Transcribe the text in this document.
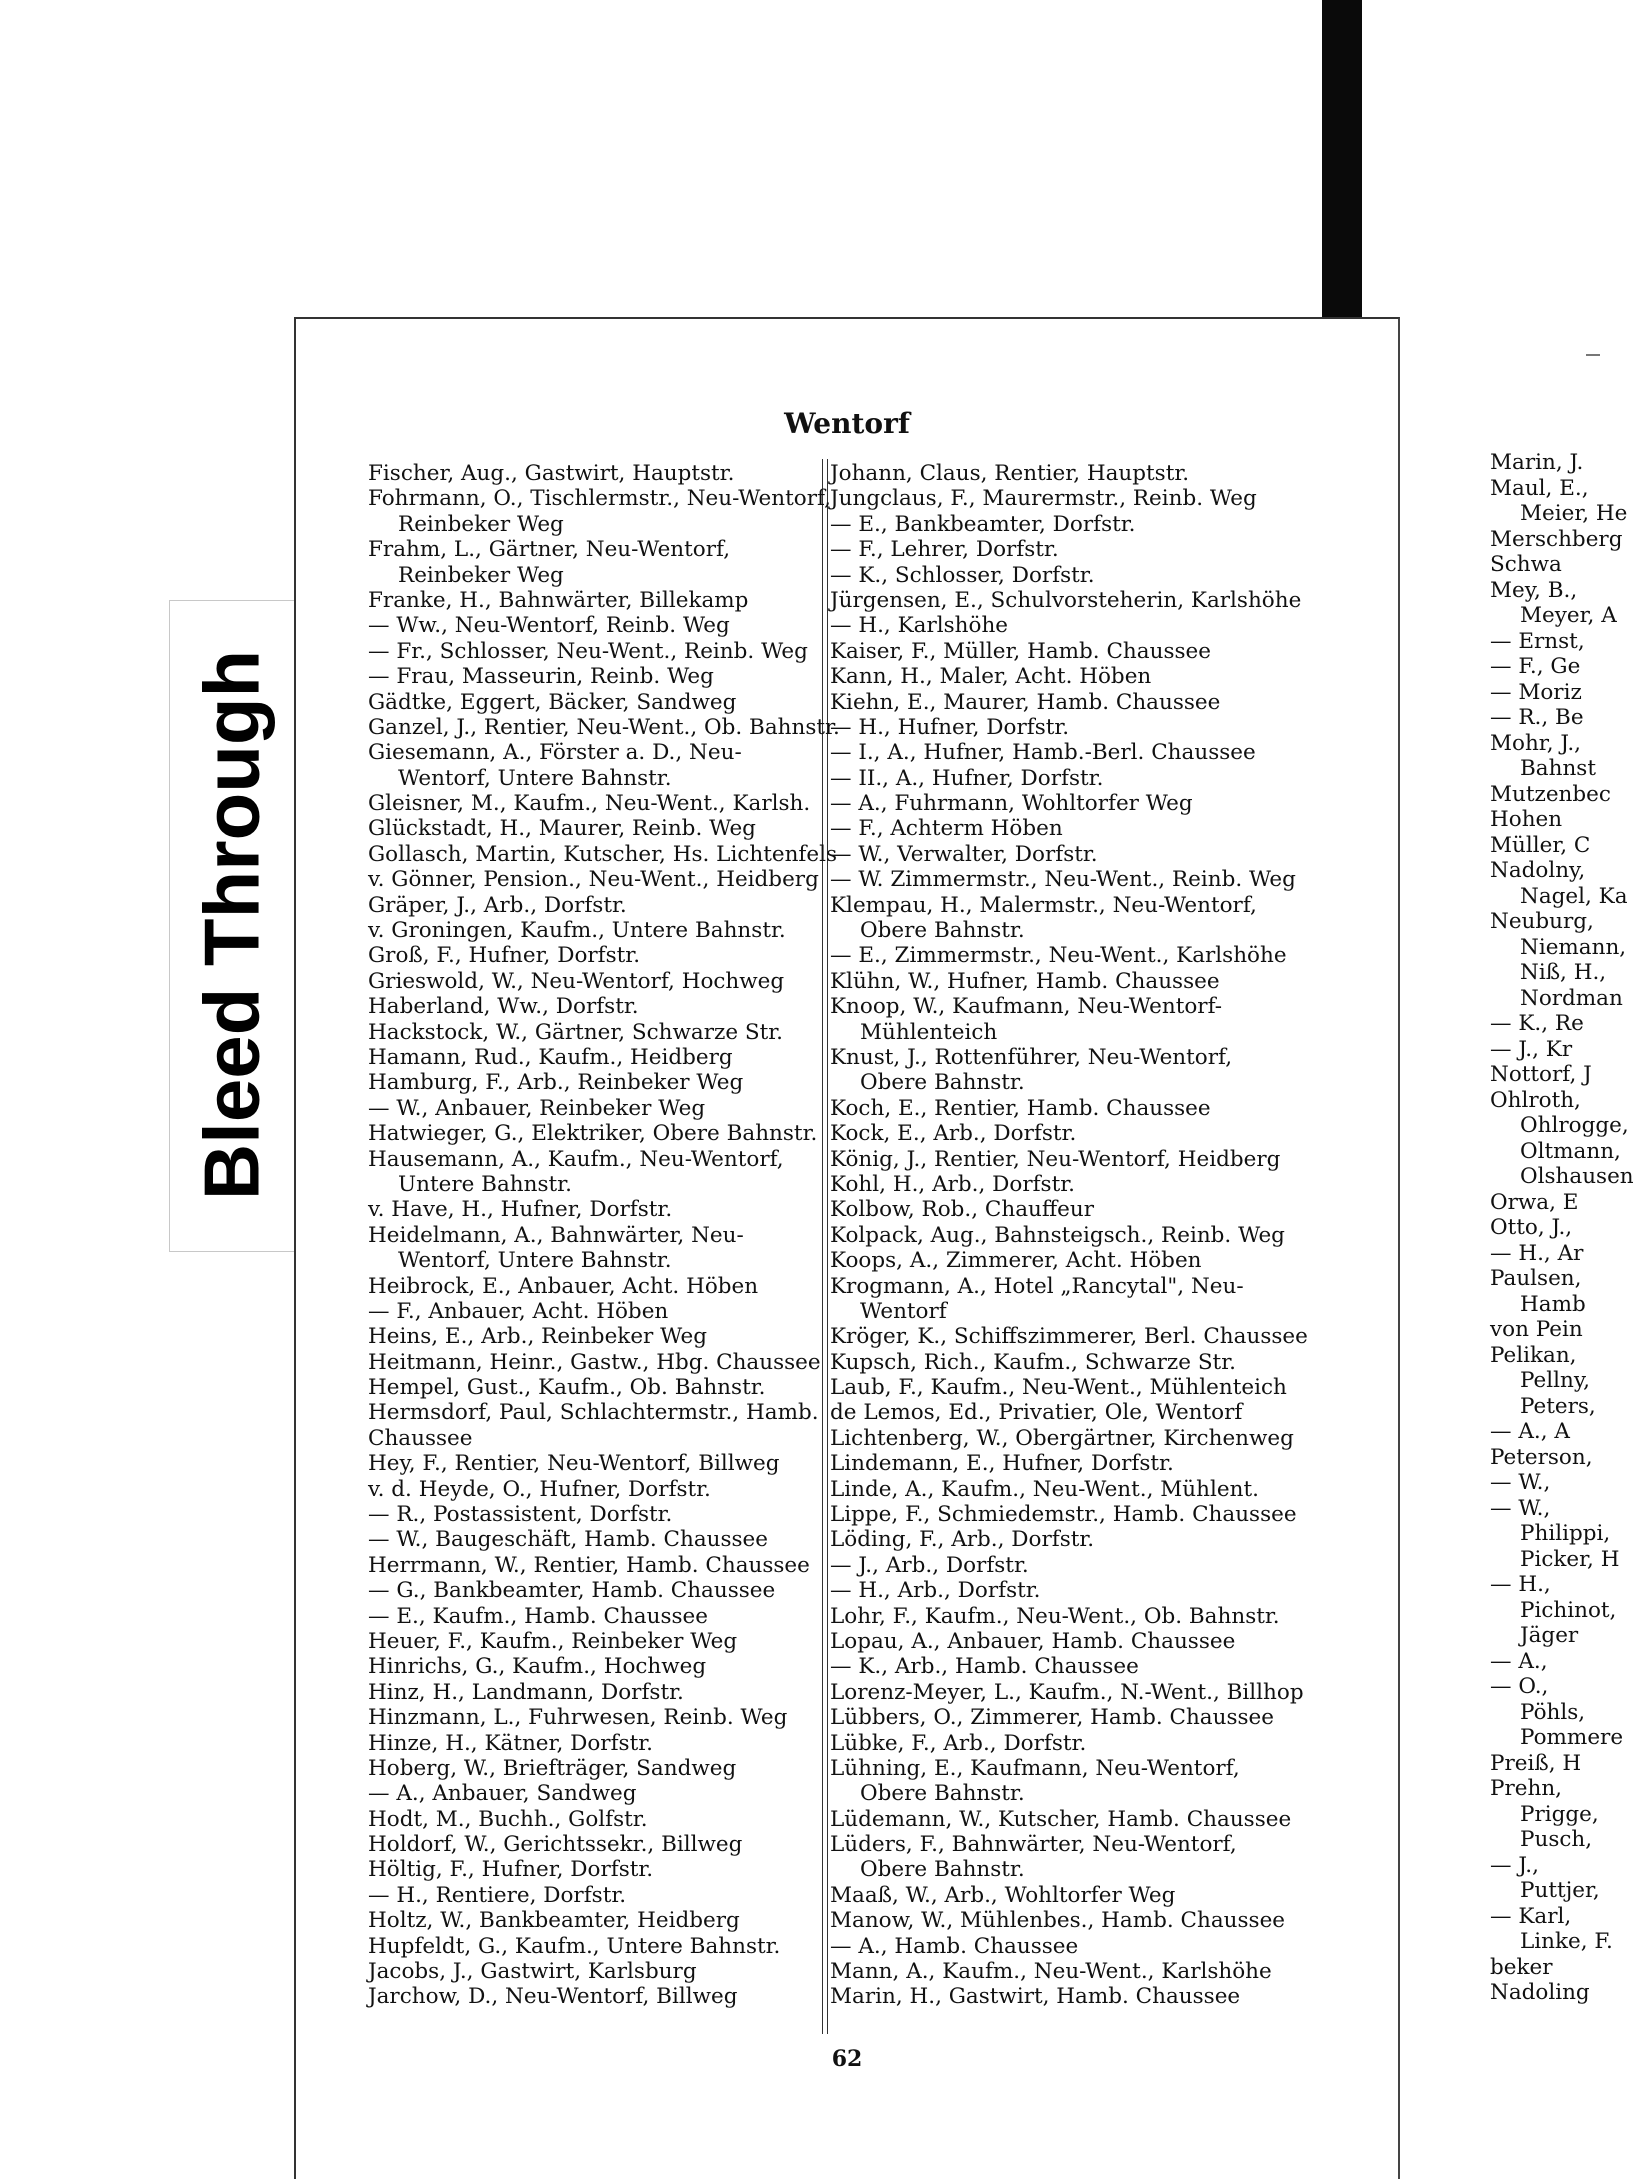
Bleed Through
Wentorf
Fischer, Aug., Gastwirt, Hauptstr.
Fohrmann, O., Tischlermstr., Neu-Wentorf,
Reinbeker Weg
Frahm, L., Gärtner, Neu-Wentorf,
Reinbeker Weg
Franke, H., Bahnwärter, Billekamp
— Ww., Neu-Wentorf, Reinb. Weg
— Fr., Schlosser, Neu-Went., Reinb. Weg
— Frau, Masseurin, Reinb. Weg
Gädtke, Eggert, Bäcker, Sandweg
Ganzel, J., Rentier, Neu-Went., Ob. Bahnstr.
Giesemann, A., Förster a. D., Neu-
Wentorf, Untere Bahnstr.
Gleisner, M., Kaufm., Neu-Went., Karlsh.
Glückstadt, H., Maurer, Reinb. Weg
Gollasch, Martin, Kutscher, Hs. Lichtenfels
v. Gönner, Pension., Neu-Went., Heidberg
Gräper, J., Arb., Dorfstr.
v. Groningen, Kaufm., Untere Bahnstr.
Groß, F., Hufner, Dorfstr.
Grieswold, W., Neu-Wentorf, Hochweg
Haberland, Ww., Dorfstr.
Hackstock, W., Gärtner, Schwarze Str.
Hamann, Rud., Kaufm., Heidberg
Hamburg, F., Arb., Reinbeker Weg
— W., Anbauer, Reinbeker Weg
Hatwieger, G., Elektriker, Obere Bahnstr.
Hausemann, A., Kaufm., Neu-Wentorf,
Untere Bahnstr.
v. Have, H., Hufner, Dorfstr.
Heidelmann, A., Bahnwärter, Neu-
Wentorf, Untere Bahnstr.
Heibrock, E., Anbauer, Acht. Höben
— F., Anbauer, Acht. Höben
Heins, E., Arb., Reinbeker Weg
Heitmann, Heinr., Gastw., Hbg. Chaussee
Hempel, Gust., Kaufm., Ob. Bahnstr.
Hermsdorf, Paul, Schlachtermstr., Hamb.
Chaussee
Hey, F., Rentier, Neu-Wentorf, Billweg
v. d. Heyde, O., Hufner, Dorfstr.
— R., Postassistent, Dorfstr.
— W., Baugeschäft, Hamb. Chaussee
Herrmann, W., Rentier, Hamb. Chaussee
— G., Bankbeamter, Hamb. Chaussee
— E., Kaufm., Hamb. Chaussee
Heuer, F., Kaufm., Reinbeker Weg
Hinrichs, G., Kaufm., Hochweg
Hinz, H., Landmann, Dorfstr.
Hinzmann, L., Fuhrwesen, Reinb. Weg
Hinze, H., Kätner, Dorfstr.
Hoberg, W., Briefträger, Sandweg
— A., Anbauer, Sandweg
Hodt, M., Buchh., Golfstr.
Holdorf, W., Gerichtssekr., Billweg
Höltig, F., Hufner, Dorfstr.
— H., Rentiere, Dorfstr.
Holtz, W., Bankbeamter, Heidberg
Hupfeldt, G., Kaufm., Untere Bahnstr.
Jacobs, J., Gastwirt, Karlsburg
Jarchow, D., Neu-Wentorf, Billweg
Johann, Claus, Rentier, Hauptstr.
Jungclaus, F., Maurermstr., Reinb. Weg
— E., Bankbeamter, Dorfstr.
— F., Lehrer, Dorfstr.
— K., Schlosser, Dorfstr.
Jürgensen, E., Schulvorsteherin, Karlshöhe
— H., Karlshöhe
Kaiser, F., Müller, Hamb. Chaussee
Kann, H., Maler, Acht. Höben
Kiehn, E., Maurer, Hamb. Chaussee
— H., Hufner, Dorfstr.
— I., A., Hufner, Hamb.-Berl. Chaussee
— II., A., Hufner, Dorfstr.
— A., Fuhrmann, Wohltorfer Weg
— F., Achterm Höben
— W., Verwalter, Dorfstr.
— W. Zimmermstr., Neu-Went., Reinb. Weg
Klempau, H., Malermstr., Neu-Wentorf,
Obere Bahnstr.
— E., Zimmermstr., Neu-Went., Karlshöhe
Klühn, W., Hufner, Hamb. Chaussee
Knoop, W., Kaufmann, Neu-Wentorf-
Mühlenteich
Knust, J., Rottenführer, Neu-Wentorf,
Obere Bahnstr.
Koch, E., Rentier, Hamb. Chaussee
Kock, E., Arb., Dorfstr.
König, J., Rentier, Neu-Wentorf, Heidberg
Kohl, H., Arb., Dorfstr.
Kolbow, Rob., Chauffeur
Kolpack, Aug., Bahnsteigsch., Reinb. Weg
Koops, A., Zimmerer, Acht. Höben
Krogmann, A., Hotel „Rancytal", Neu-
Wentorf
Kröger, K., Schiffszimmerer, Berl. Chaussee
Kupsch, Rich., Kaufm., Schwarze Str.
Laub, F., Kaufm., Neu-Went., Mühlenteich
de Lemos, Ed., Privatier, Ole, Wentorf
Lichtenberg, W., Obergärtner, Kirchenweg
Lindemann, E., Hufner, Dorfstr.
Linde, A., Kaufm., Neu-Went., Mühlent.
Lippe, F., Schmiedemstr., Hamb. Chaussee
Löding, F., Arb., Dorfstr.
— J., Arb., Dorfstr.
— H., Arb., Dorfstr.
Lohr, F., Kaufm., Neu-Went., Ob. Bahnstr.
Lopau, A., Anbauer, Hamb. Chaussee
— K., Arb., Hamb. Chaussee
Lorenz-Meyer, L., Kaufm., N.-Went., Billhop
Lübbers, O., Zimmerer, Hamb. Chaussee
Lübke, F., Arb., Dorfstr.
Lühning, E., Kaufmann, Neu-Wentorf,
Obere Bahnstr.
Lüdemann, W., Kutscher, Hamb. Chaussee
Lüders, F., Bahnwärter, Neu-Wentorf,
Obere Bahnstr.
Maaß, W., Arb., Wohltorfer Weg
Manow, W., Mühlenbes., Hamb. Chaussee
— A., Hamb. Chaussee
Mann, A., Kaufm., Neu-Went., Karlshöhe
Marin, H., Gastwirt, Hamb. Chaussee
62
Marin, J.
Maul, E.,
Meier, He
Merschberg
Schwa
Mey, B.,
Meyer, A
— Ernst,
— F., Ge
— Moriz
— R., Be
Mohr, J.,
Bahnst
Mutzenbec
Hohen
Müller, C
Nadolny,
Nagel, Ka
Neuburg,
Niemann,
Niß, H.,
Nordman
— K., Re
— J., Kr
Nottorf, J
Ohlroth,
Ohlrogge,
Oltmann,
Olshausen
Orwa, E
Otto, J.,
— H., Ar
Paulsen,
Hamb
von Pein
Pelikan,
Pellny,
Peters,
— A., A
Peterson,
— W.,
— W.,
Philippi,
Picker, H
— H.,
Pichinot,
Jäger
— A.,
— O.,
Pöhls,
Pommere
Preiß, H
Prehn,
Prigge,
Pusch,
— J.,
Puttjer,
— Karl,
Linke, F.
beker
Nadoling
